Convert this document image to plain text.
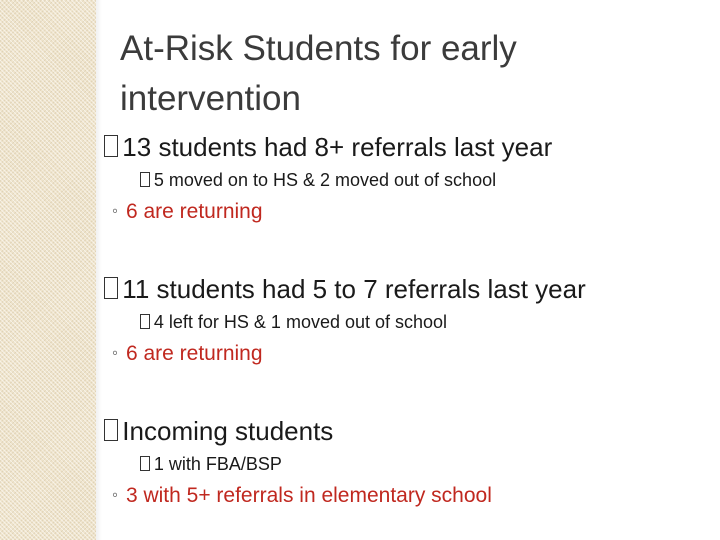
At-Risk Students for early intervention
13 students had 8+ referrals last year
5 moved on to HS & 2 moved out of school
◦ 6 are returning
11 students had 5 to 7 referrals last year
4 left for HS & 1 moved out of school
◦ 6 are returning
Incoming students
1 with FBA/BSP
◦ 3 with 5+ referrals in elementary school
